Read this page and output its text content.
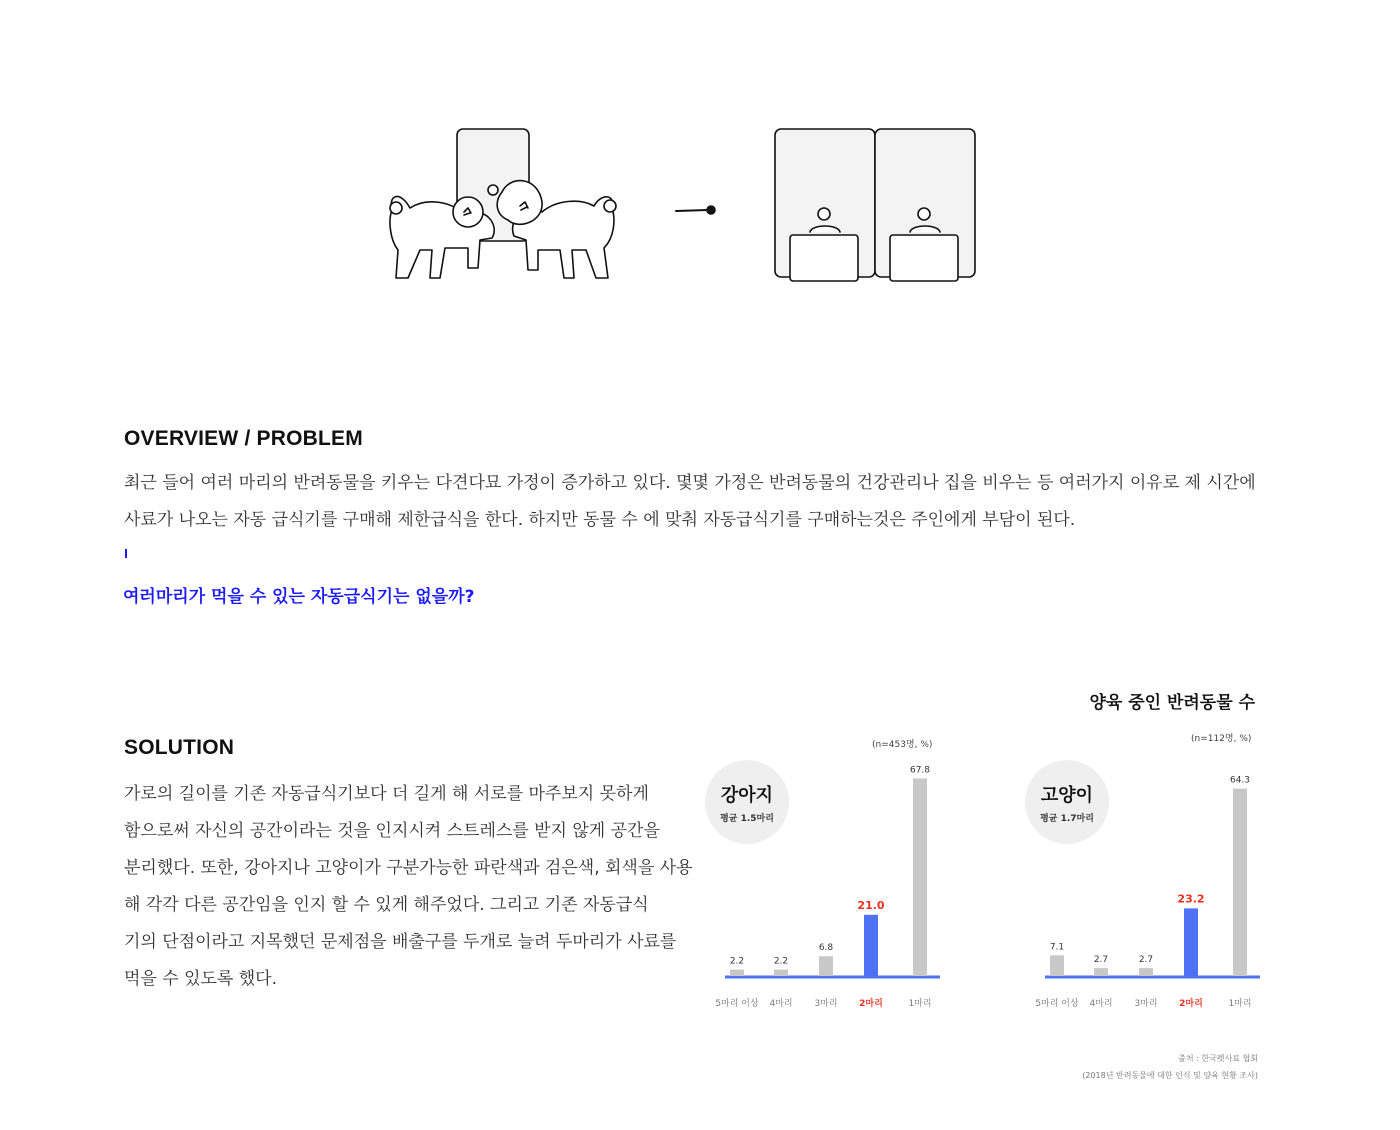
OVERVIEW / PROBLEM
최근 들어 여러 마리의 반려동물을 키우는 다견다묘 가정이 증가하고 있다. 몇몇 가정은 반려동물의 건강관리나 집을 비우는 등 여러가지 이유로 제 시간에
사료가 나오는 자동 급식기를 구매해 제한급식을 한다. 하지만 동물 수 에 맞춰 자동급식기를 구매하는것은 주인에게 부담이 된다.
여러마리가 먹을 수 있는 자동급식기는 없을까?
SOLUTION
가로의 길이를 기존 자동급식기보다 더 길게 해 서로를 마주보지 못하게
함으로써 자신의 공간이라는 것을 인지시켜 스트레스를 받지 않게 공간을
분리했다. 또한, 강아지나 고양이가 구분가능한 파란색과 검은색, 회색을 사용
해 각각 다른 공간임을 인지 할 수 있게 해주었다. 그리고 기존 자동급식
기의 단점이라고 지목했던 문제점을 배출구를 두개로 늘려 두마리가 사료를
먹을 수 있도록 했다.
양육 중인 반려동물 수
(n=453명, %)
(n=112명, %)
강아지
평균 1.5마리
고양이
평균 1.7마리
2.2
5마리 이상
2.2
4마리
6.8
3마리
21.0
2마리
67.8
1마리
7.1
5마리 이상
2.7
4마리
2.7
3마리
23.2
2마리
64.3
1마리
출처 : 한국펫사료 협회
(2018년 반려동물에 대한 인식 및 양육 현황 조사)
